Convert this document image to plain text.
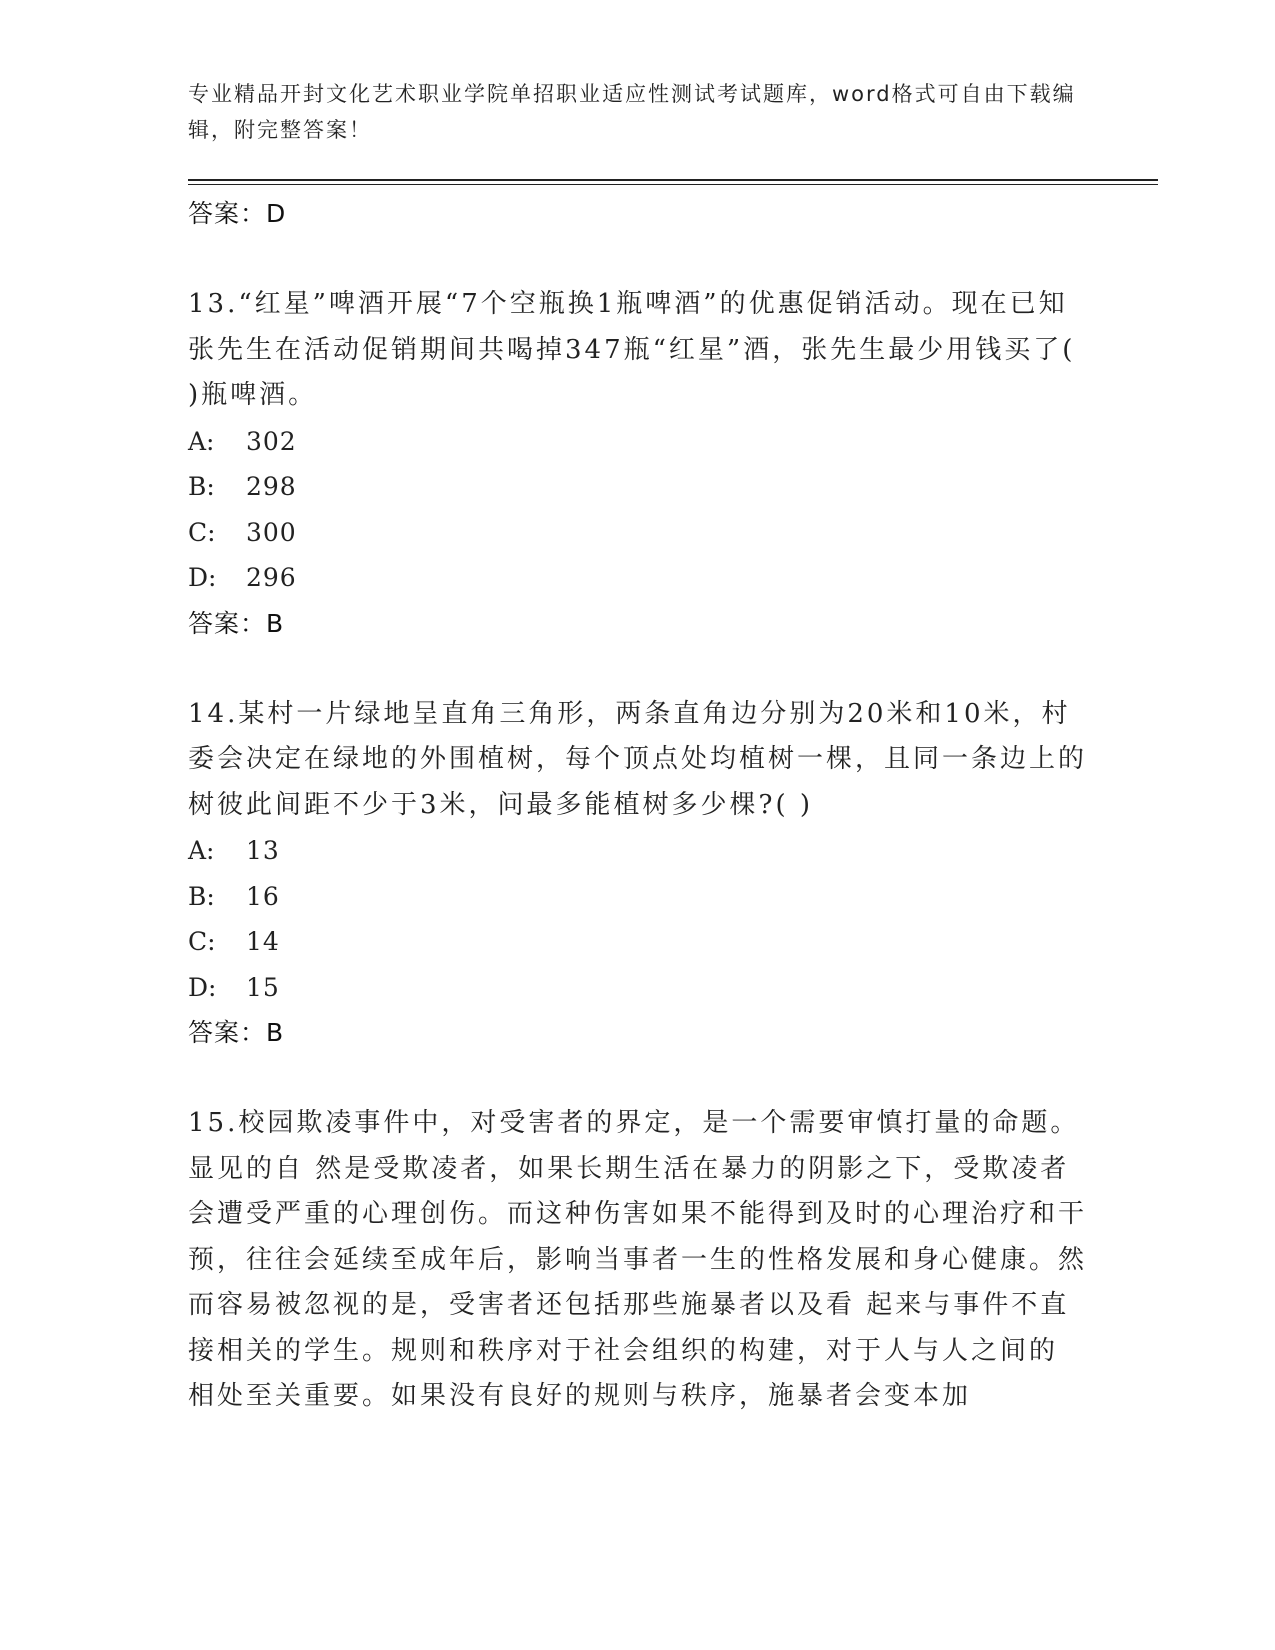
专业精品开封文化艺术职业学院单招职业适应性测试考试题库，word格式可自由下载编辑，附完整答案！
答案：D
13.“红星”啤酒开展“7个空瓶换1瓶啤酒”的优惠促销活动。现在已知张先生在活动促销期间共喝掉347瓶“红星”酒，张先生最少用钱买了( )瓶啤酒。
A: 302
B: 298
C: 300
D: 296
答案：B
14.某村一片绿地呈直角三角形，两条直角边分别为20米和10米，村委会决定在绿地的外围植树，每个顶点处均植树一棵，且同一条边上的树彼此间距不少于3米，问最多能植树多少棵?( )
A: 13
B: 16
C: 14
D: 15
答案：B
15.校园欺凌事件中，对受害者的界定，是一个需要审慎打量的命题。显见的自 然是受欺凌者，如果长期生活在暴力的阴影之下，受欺凌者会遭受严重的心理创伤。而这种伤害如果不能得到及时的心理治疗和干预，往往会延续至成年后，影响当事者一生的性格发展和身心健康。然而容易被忽视的是，受害者还包括那些施暴者以及看 起来与事件不直接相关的学生。规则和秩序对于社会组织的构建，对于人与人之间的 相处至关重要。如果没有良好的规则与秩序，施暴者会变本加
